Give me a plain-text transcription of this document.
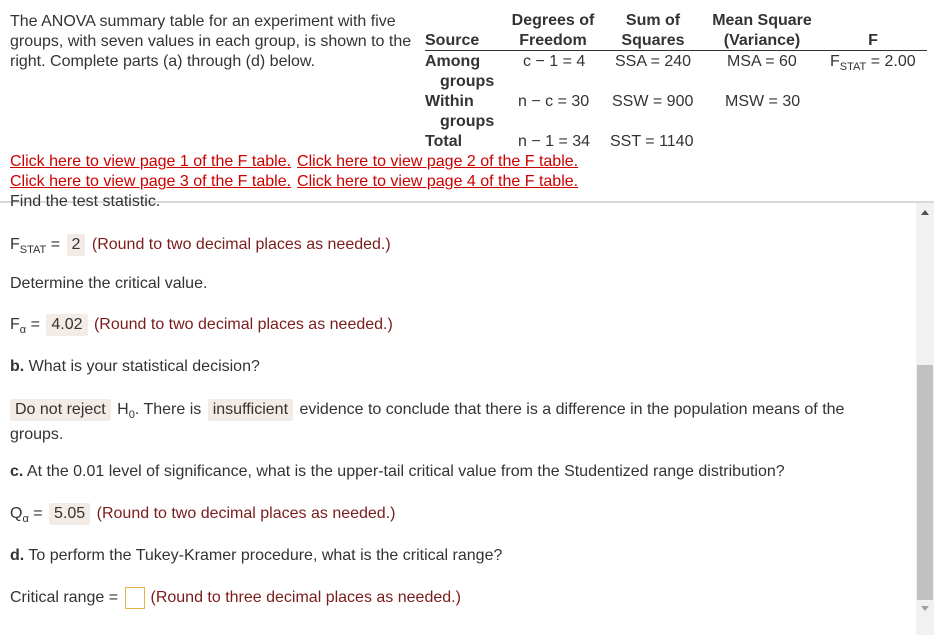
The ANOVA summary table for an experiment with five groups, with seven values in each group, is shown to the right. Complete parts (a) through (d) below.
Source
Degrees of
Freedom
Sum of
Squares
Mean Square
(Variance)	F
Among
groups
c − 1 = 4 SSA = 240 MSA = 60 $F_{STAT} = 2.00$
Within
groups
n − c = 30 SSW = 900 MSW = 30
Total	n − 1 = 34 SST = 1140
Click here to view page 1 of the F table. Click here to view page 2 of the F table.
Click here to view page 3 of the F table. Click here to view page 4 of the F table.
Find the test statistic.
$F_{STAT} = 2$ (Round to two decimal places as needed.)
Determine the critical value.
$F_\alpha = 4.02$ (Round to two decimal places as needed.)
b. What is your statistical decision?
Do not reject $H_0$. There is insufficient evidence to conclude that there is a difference in the population means of the
groups.
c. At the 0.01 level of significance, what is the upper-tail critical value from the Studentized range distribution?
$Q_\alpha = 5.05$ (Round to two decimal places as needed.)
d. To perform the Tukey-Kramer procedure, what is the critical range?
Critical range = (Round to three decimal places as needed.)
